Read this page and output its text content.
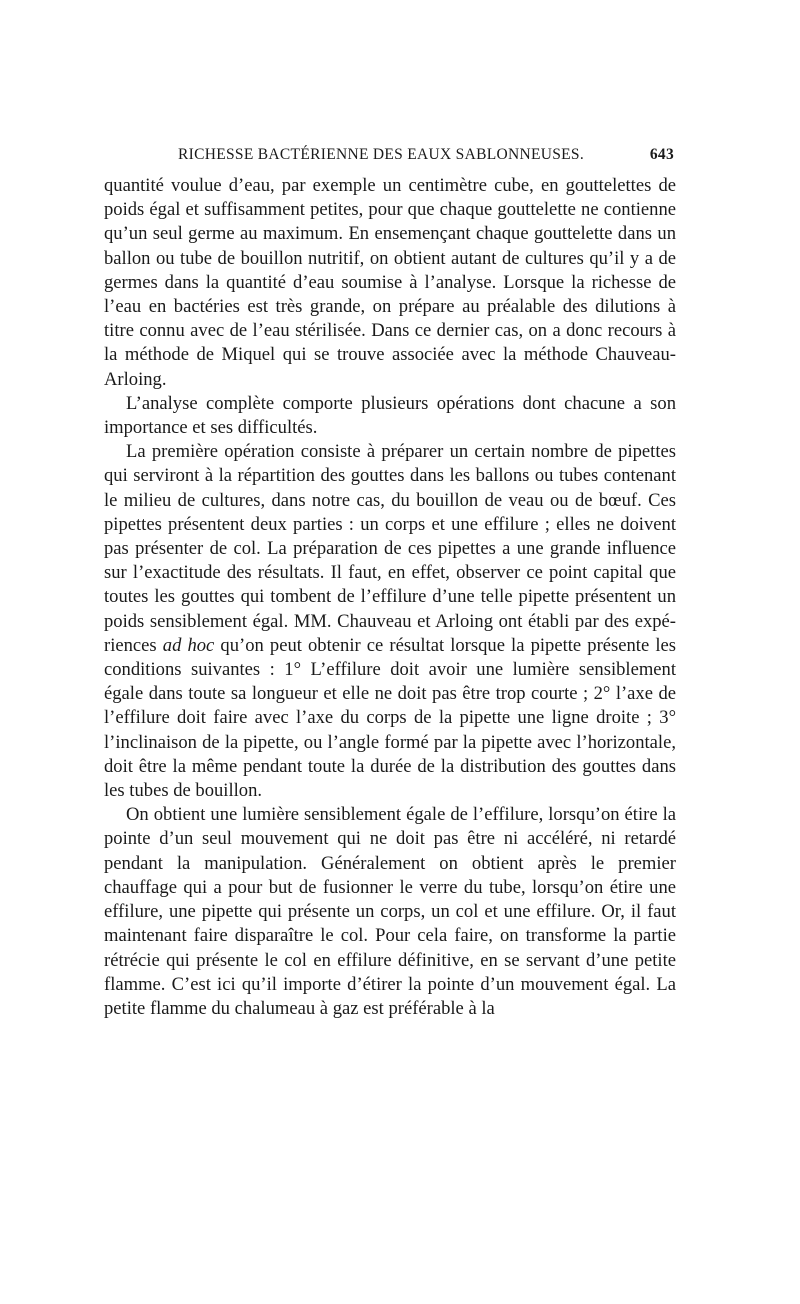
RICHESSE BACTÉRIENNE DES EAUX SABLONNEUSES.	643

quantité voulue d’eau, par exemple un centimètre cube, en gouttelettes de poids égal et suffisamment petites, pour que chaque gouttelette ne contienne qu’un seul germe au maximum. En ensemençant chaque gouttelette dans un ballon ou tube de bouillon nutritif, on obtient autant de cultures qu’il y a de germes dans la quantité d’eau soumise à l’analyse. Lorsque la richesse de l’eau en bactéries est très grande, on prépare au préalable des dilutions à titre connu avec de l’eau stérilisée. Dans ce dernier cas, on a donc recours à la méthode de Miquel qui se trouve associée avec la méthode Chauveau-Arloing.

L’analyse complète comporte plusieurs opérations dont chacune a son importance et ses difficultés.

La première opération consiste à préparer un certain nombre de pipettes qui serviront à la répartition des gouttes dans les ballons ou tubes contenant le milieu de cultures, dans notre cas, du bouillon de veau ou de bœuf. Ces pipettes présentent deux parties : un corps et une effilure ; elles ne doivent pas présenter de col. La préparation de ces pipettes a une grande influence sur l’exactitude des résultats. Il faut, en effet, observer ce point capital que toutes les gouttes qui tombent de l’effilure d’une telle pipette présentent un poids sensiblement égal. MM. Chauveau et Arloing ont établi par des expériences ad hoc qu’on peut obtenir ce résultat lorsque la pipette présente les conditions suivantes : 1° L’effilure doit avoir une lumière sensiblement égale dans toute sa longueur et elle ne doit pas être trop courte ; 2° l’axe de l’effilure doit faire avec l’axe du corps de la pipette une ligne droite ; 3° l’inclinaison de la pipette, ou l’angle formé par la pipette avec l’horizontale, doit être la même pendant toute la durée de la distribution des gouttes dans les tubes de bouillon.

On obtient une lumière sensiblement égale de l’effilure, lorsqu’on étire la pointe d’un seul mouvement qui ne doit pas être ni accéléré, ni retardé pendant la manipulation. Généralement on obtient après le premier chauffage qui a pour but de fusionner le verre du tube, lorsqu’on étire une effilure, une pipette qui présente un corps, un col et une effilure. Or, il faut maintenant faire disparaître le col. Pour cela faire, on transforme la partie rétrécie qui présente le col en effilure définitive, en se servant d’une petite flamme. C’est ici qu’il importe d’étirer la pointe d’un mouvement égal. La petite flamme du chalumeau à gaz est préférable à la
